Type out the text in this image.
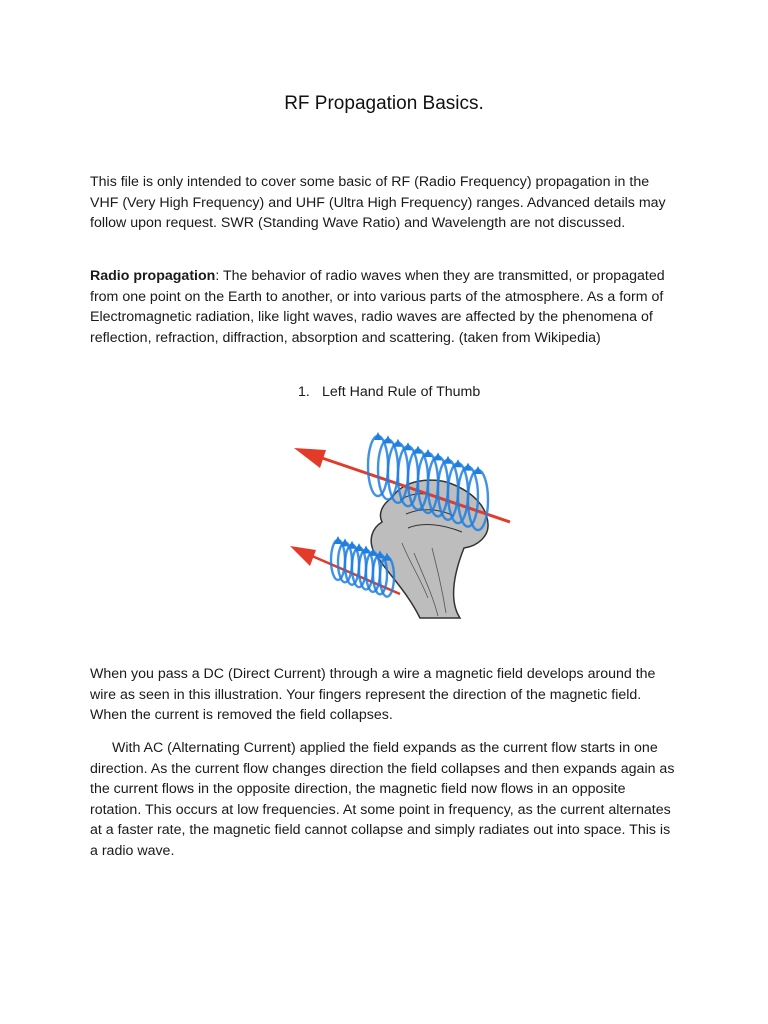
RF Propagation Basics.
This file is only intended to cover some basic of RF (Radio Frequency) propagation in the VHF (Very High Frequency) and UHF (Ultra High Frequency) ranges. Advanced details may follow upon request. SWR (Standing Wave Ratio) and Wavelength are not discussed.
Radio propagation: The behavior of radio waves when they are transmitted, or propagated from one point on the Earth to another, or into various parts of the atmosphere. As a form of Electromagnetic radiation, like light waves, radio waves are affected by the phenomena of reflection, refraction, diffraction, absorption and scattering. (taken from Wikipedia)
1. Left Hand Rule of Thumb
When you pass a DC (Direct Current) through a wire a magnetic field develops around the wire as seen in this illustration. Your fingers represent the direction of the magnetic field. When the current is removed the field collapses.
With AC (Alternating Current) applied the field expands as the current flow starts in one direction. As the current flow changes direction the field collapses and then expands again as the current flows in the opposite direction, the magnetic field now flows in an opposite rotation. This occurs at low frequencies. At some point in frequency, as the current alternates at a faster rate, the magnetic field cannot collapse and simply radiates out into space. This is a radio wave.
